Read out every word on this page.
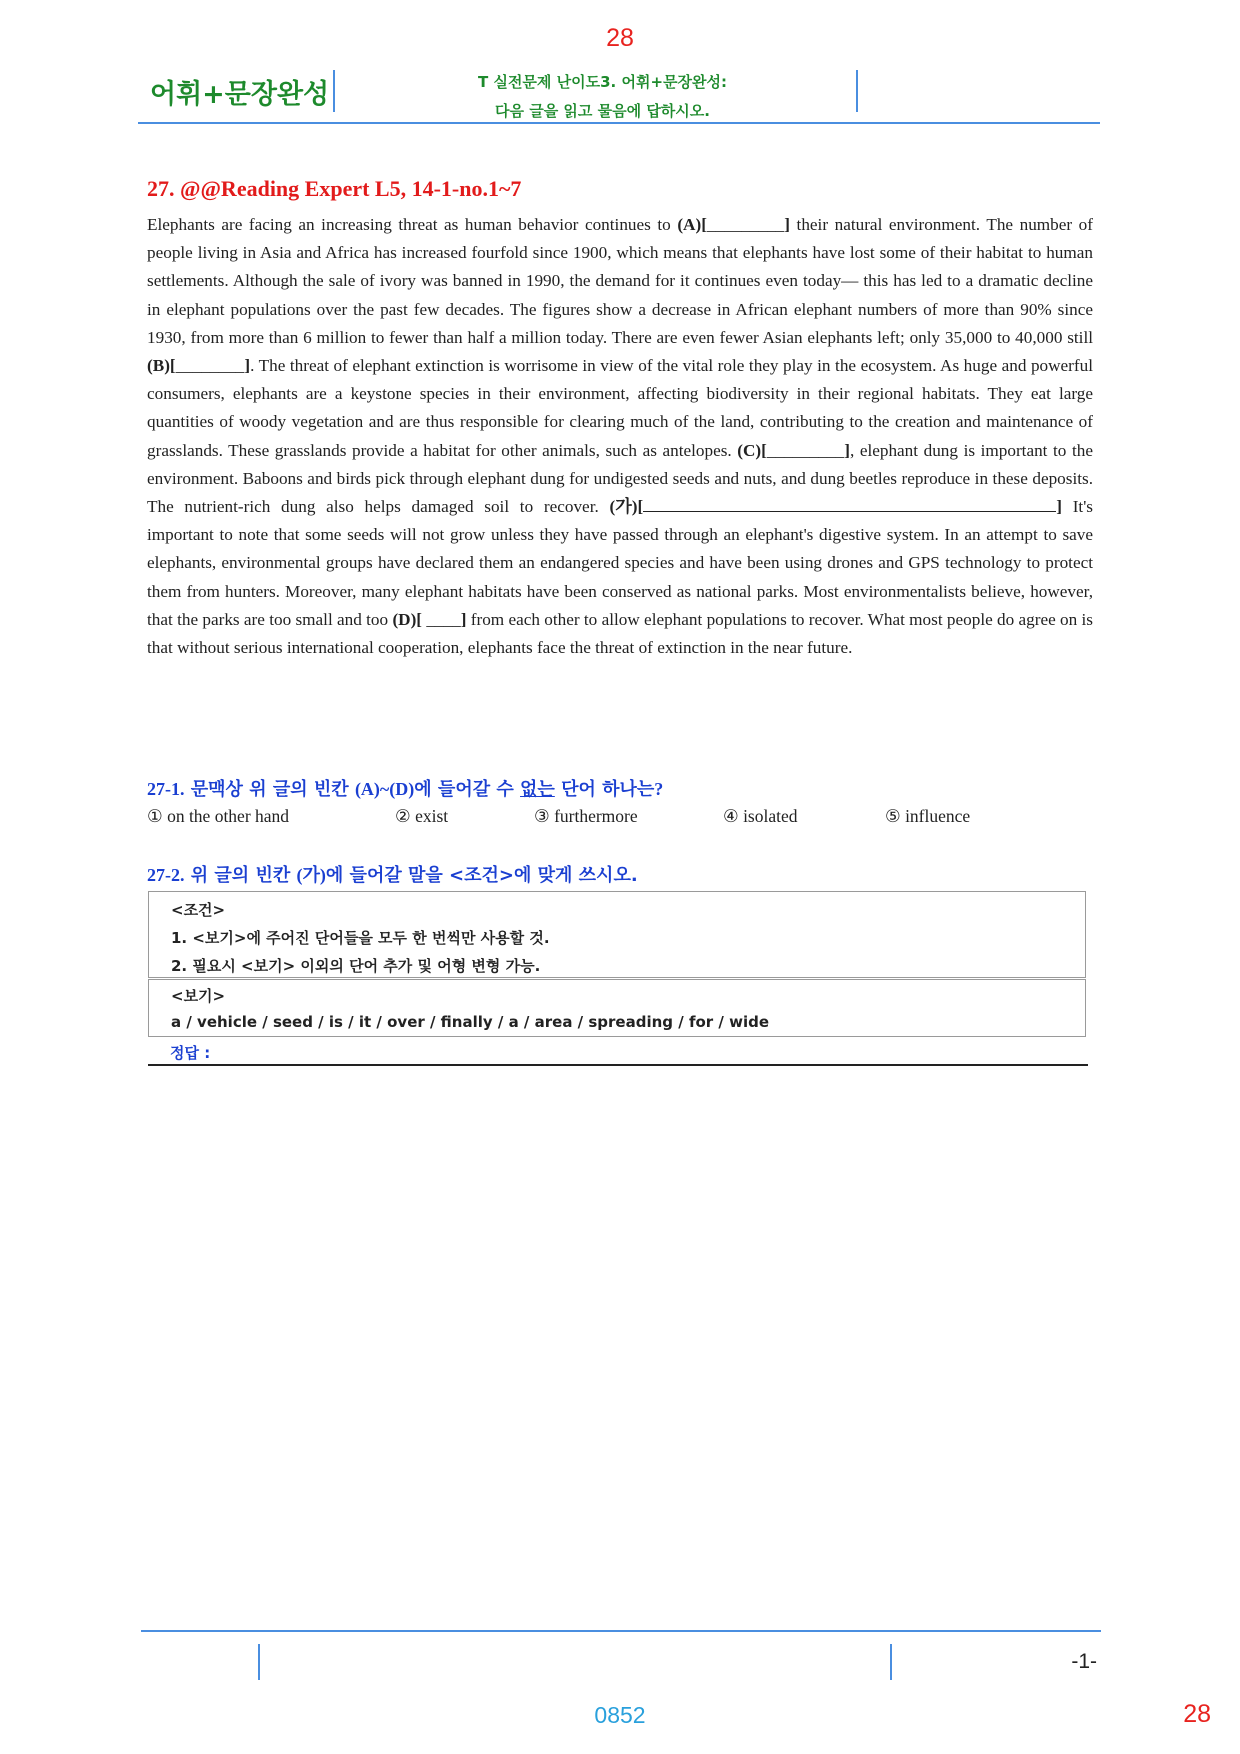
28
어휘+문장완성	T 실전문제 난이도3. 어휘+문장완성:
다음 글을 읽고 물음에 답하시오.
27. @@Reading Expert L5, 14-1-no.1~7
Elephants are facing an increasing threat as human behavior continues to (A)[_________] their natural environment. The number of people living in Asia and Africa has increased fourfold since 1900, which means that elephants have lost some of their habitat to human settlements. Although the sale of ivory was banned in 1990, the demand for it continues even today— this has led to a dramatic decline in elephant populations over the past few decades. The figures show a decrease in African elephant numbers of more than 90% since 1930, from more than 6 million to fewer than half a million today. There are even fewer Asian elephants left; only 35,000 to 40,000 still (B)[________]. The threat of elephant extinction is worrisome in view of the vital role they play in the ecosystem. As huge and powerful consumers, elephants are a keystone species in their environment, affecting biodiversity in their regional habitats. They eat large quantities of woody vegetation and are thus responsible for clearing much of the land, contributing to the creation and maintenance of grasslands. These grasslands provide a habitat for other animals, such as antelopes. (C)[_________], elephant dung is important to the environment. Baboons and birds pick through elephant dung for undigested seeds and nuts, and dung beetles reproduce in these deposits. The nutrient-rich dung also helps damaged soil to recover. (가)[	] It's important to note that some seeds will not grow unless they have passed through an elephant's digestive system. In an attempt to save elephants, environmental groups have declared them an endangered species and have been using drones and GPS technology to protect them from hunters. Moreover, many elephant habitats have been conserved as national parks. Most environmentalists believe, however, that the parks are too small and too (D)[ ____] from each other to allow elephant populations to recover. What most people do agree on is that without serious international cooperation, elephants face the threat of extinction in the near future.
27-1. 문맥상 위 글의 빈칸 (A)~(D)에 들어갈 수 없는 단어 하나는?
① on the other hand	② exist	③ furthermore	④ isolated	⑤ influence
27-2. 위 글의 빈칸 (가)에 들어갈 말을 <조건>에 맞게 쓰시오.
<조건>
1. <보기>에 주어진 단어들을 모두 한 번씩만 사용할 것.
2. 필요시 <보기> 이외의 단어 추가 및 어형 변형 가능.
<보기>
a / vehicle / seed / is / it / over / finally / a / area / spreading / for / wide
정답 :
-1-
0852	28
